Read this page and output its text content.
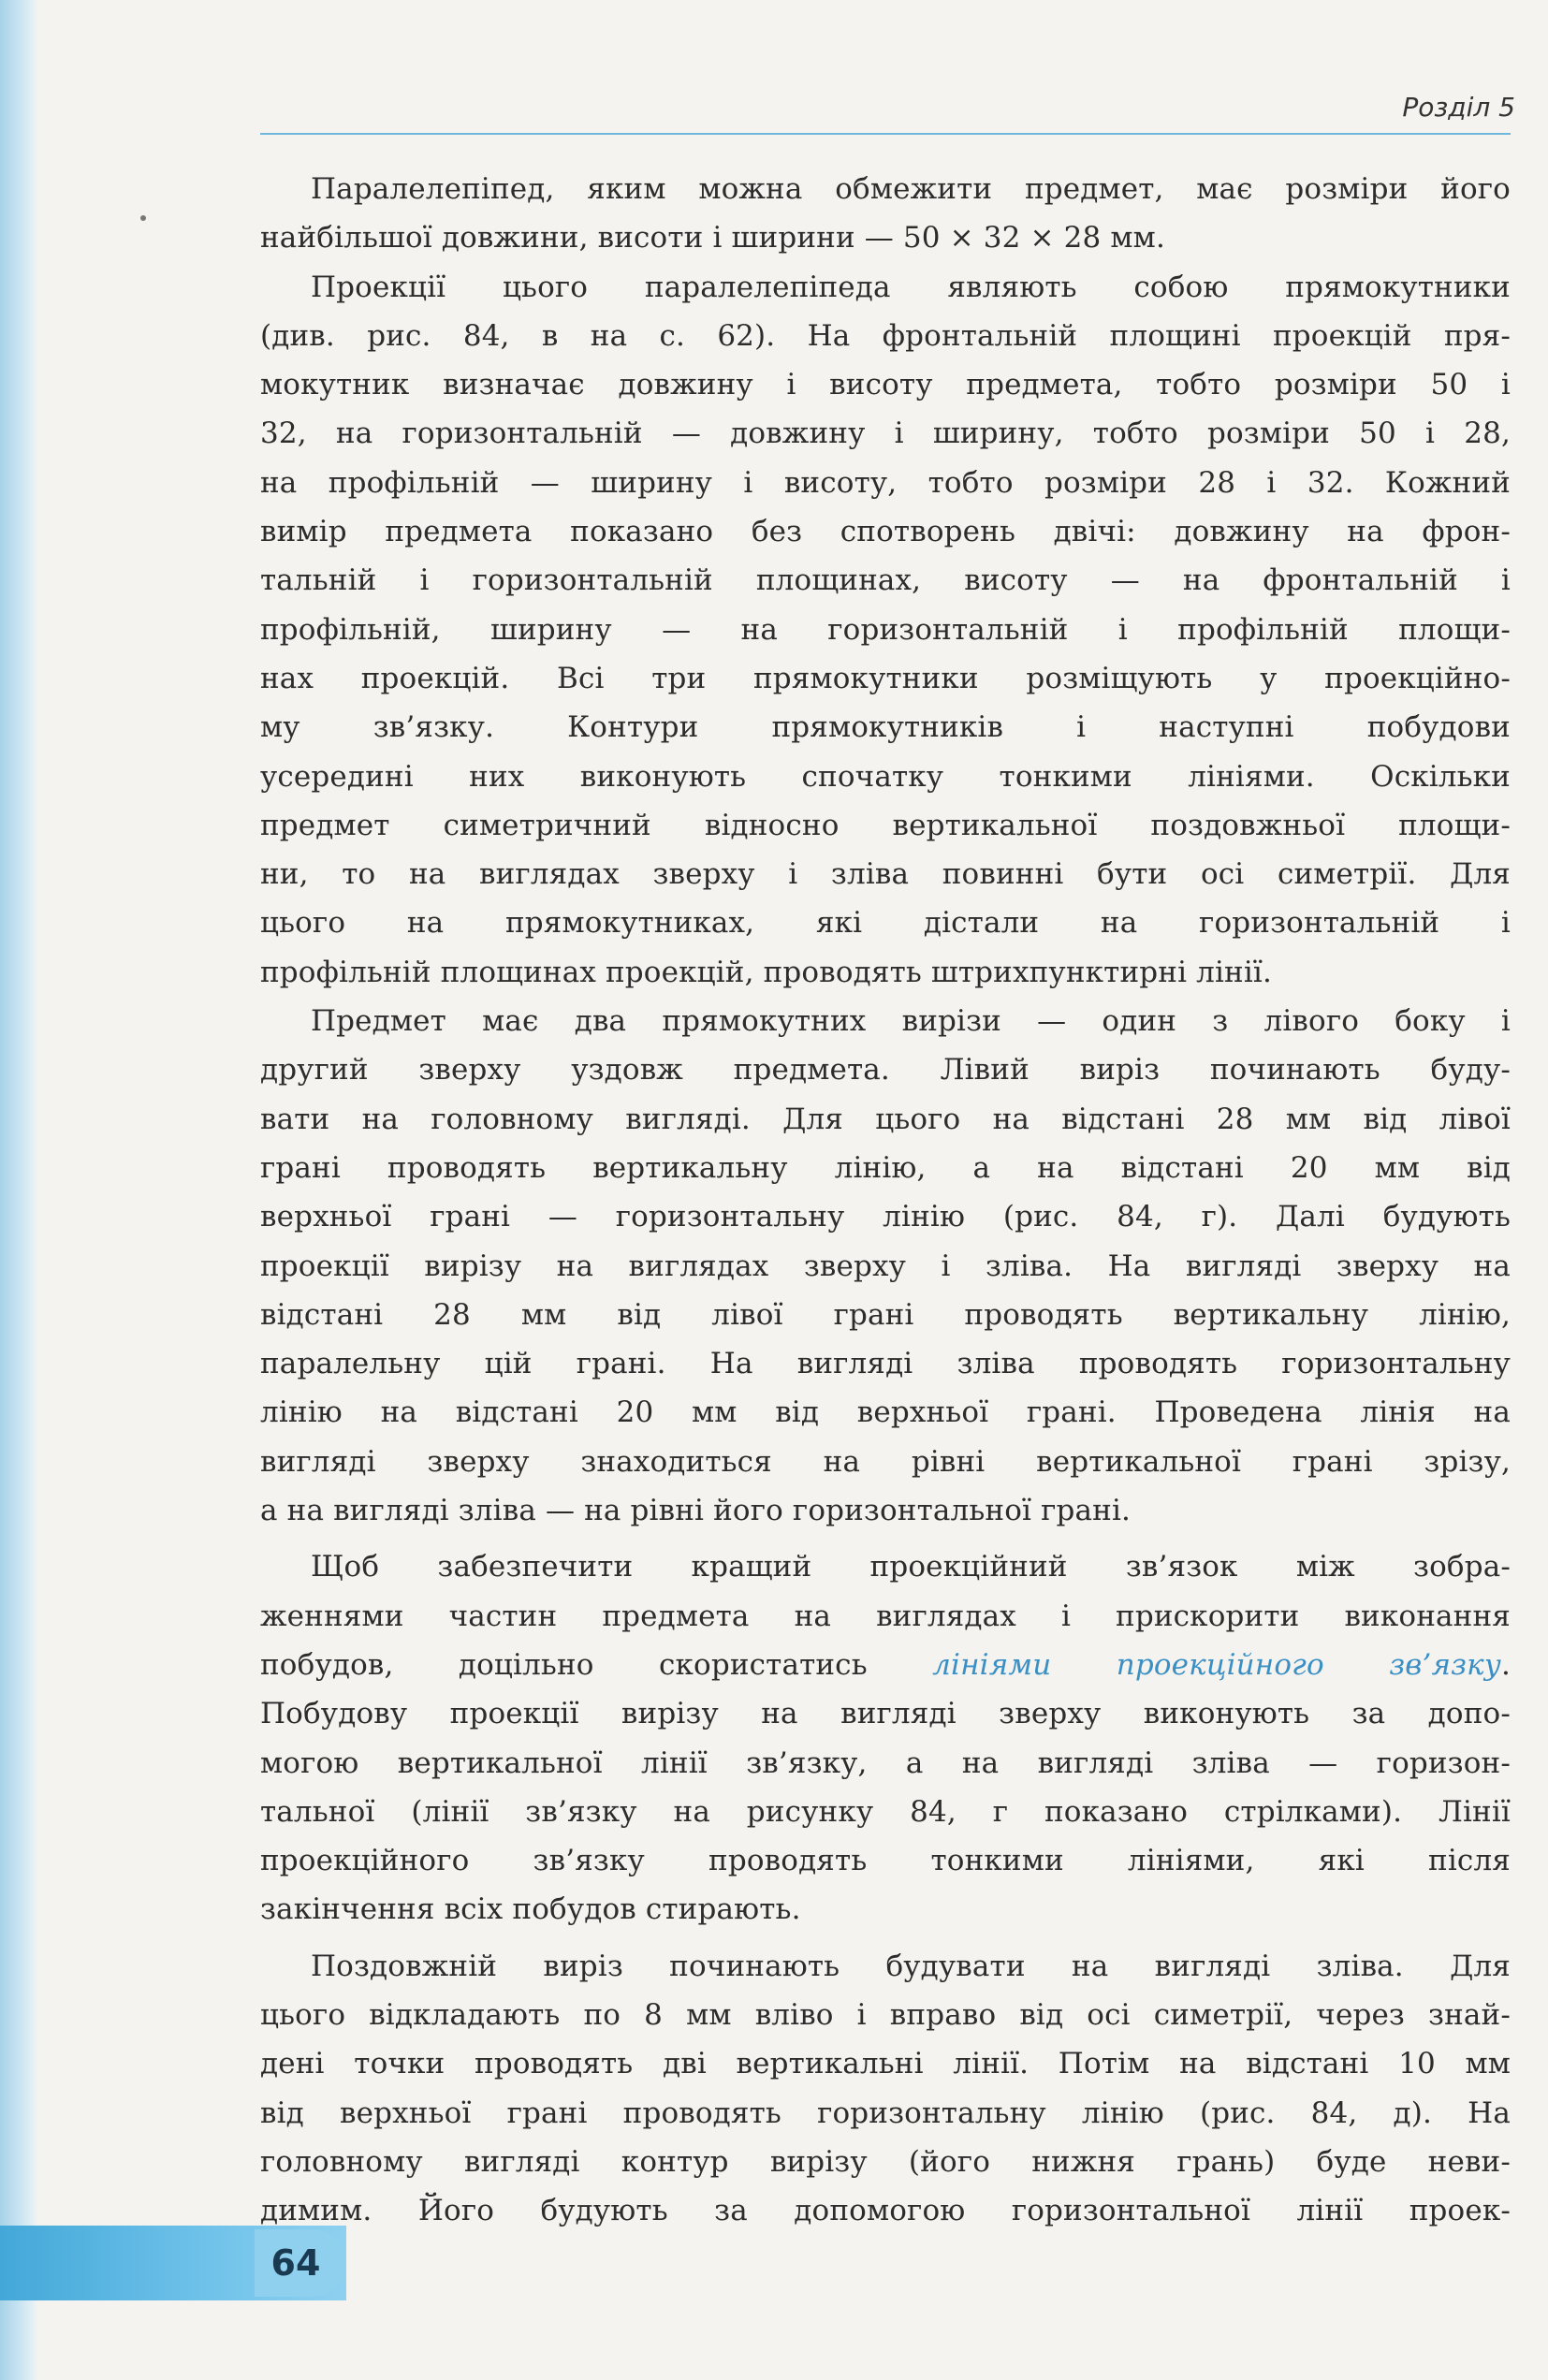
64
Розділ 5
Паралелепіпед, яким можна обмежити предмет, має розміри його
найбільшої довжини, висоти і ширини — 50 × 32 × 28 мм.
Проекції цього паралелепіпеда являють собою прямокутники
(див. рис. 84, в на с. 62). На фронтальній площині проекцій пря-
мокутник визначає довжину і висоту предмета, тобто розміри 50 і
32, на горизонтальній — довжину і ширину, тобто розміри 50 і 28,
на профільній — ширину і висоту, тобто розміри 28 і 32. Кожний
вимір предмета показано без спотворень двічі: довжину на фрон-
тальній і горизонтальній площинах, висоту — на фронтальній і
профільній, ширину — на горизонтальній і профільній площи-
нах проекцій. Всі три прямокутники розміщують у проекційно-
му зв’язку. Контури прямокутників і наступні побудови
усередині них виконують спочатку тонкими лініями. Оскільки
предмет симетричний відносно вертикальної поздовжньої площи-
ни, то на виглядах зверху і зліва повинні бути осі симетрії. Для
цього на прямокутниках, які дістали на горизонтальній і
профільній площинах проекцій, проводять штрихпунктирні лінії.
Предмет має два прямокутних вирізи — один з лівого боку і
другий зверху уздовж предмета. Лівий виріз починають буду-
вати на головному вигляді. Для цього на відстані 28 мм від лівої
грані проводять вертикальну лінію, а на відстані 20 мм від
верхньої грані — горизонтальну лінію (рис. 84, г). Далі будують
проекції вирізу на виглядах зверху і зліва. На вигляді зверху на
відстані 28 мм від лівої грані проводять вертикальну лінію,
паралельну цій грані. На вигляді зліва проводять горизонтальну
лінію на відстані 20 мм від верхньої грані. Проведена лінія на
вигляді зверху знаходиться на рівні вертикальної грані зрізу,
а на вигляді зліва — на рівні його горизонтальної грані.
Щоб забезпечити кращий проекційний зв’язок між зобра-
женнями частин предмета на виглядах і прискорити виконання
побудов, доцільно скористатись лініями проекційного зв’язку.
Побудову проекції вирізу на вигляді зверху виконують за допо-
могою вертикальної лінії зв’язку, а на вигляді зліва — горизон-
тальної (лінії зв’язку на рисунку 84, г показано стрілками). Лінії
проекційного зв’язку проводять тонкими лініями, які після
закінчення всіх побудов стирають.
Поздовжній виріз починають будувати на вигляді зліва. Для
цього відкладають по 8 мм вліво і вправо від осі симетрії, через знай-
дені точки проводять дві вертикальні лінії. Потім на відстані 10 мм
від верхньої грані проводять горизонтальну лінію (рис. 84, д). На
головному вигляді контур вирізу (його нижня грань) буде неви-
димим. Його будують за допомогою горизонтальної лінії проек-
